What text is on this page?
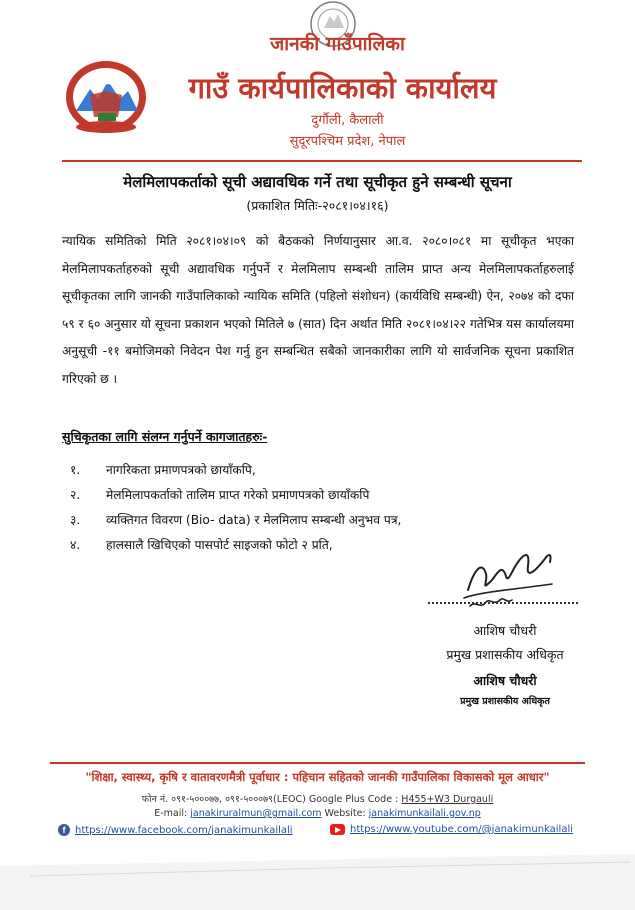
जानकी गाउँपालिका
गाउँ कार्यपालिकाको कार्यालय
दुर्गौली, कैलाली
सुदूरपश्चिम प्रदेश, नेपाल
मेलमिलापकर्ताको सूची अद्यावधिक गर्ने तथा सूचीकृत हुने सम्बन्धी सूचना
(प्रकाशित मितिः-२०८१।०४।१६)
न्यायिक समितिको मिति २०८१।०४।०९ को बैठकको निर्णयानुसार आ.व. २०८०।०८१ मा सूचीकृत भएका मेलमिलापकर्ताहरुको सूची अद्यावधिक गर्नुपर्ने र मेलमिलाप सम्बन्धी तालिम प्राप्त अन्य मेलमिलापकर्ताहरुलाई सूचीकृतका लागि जानकी गाउँपालिकाको न्यायिक समिति (पहिलो संशोधन) (कार्यविधि सम्बन्धी) ऐन, २०७४ को दफा ५९ र ६० अनुसार यो सूचना प्रकाशन भएको मितिले ७ (सात) दिन अर्थात मिति २०८१।०४।२२ गतेभित्र यस कार्यालयमा अनुसूची -११ बमोजिमको निवेदन पेश गर्नु हुन सम्बन्धित सबैको जानकारीका लागि यो सार्वजनिक सूचना प्रकाशित गरिएको छ ।
सुचिकृतका लागि संलग्न गर्नुपर्ने कागजातहरुः-
१. नागरिकता प्रमाणपत्रको छायाँकपि,
२. मेलमिलापकर्ताको तालिम प्राप्त गरेको प्रमाणपत्रको छायाँकपि
३. व्यक्तिगत विवरण (Bio- data) र मेलमिलाप सम्बन्धी अनुभव पत्र,
४. हालसालै खिचिएको पासपोर्ट साइजको फोटो २ प्रति,
आशिष चौधरी
प्रमुख प्रशासकीय अधिकृत
आशिष चौधरी
प्रमुख प्रशासकीय अधिकृत
"शिक्षा, स्वास्थ्य, कृषि र वातावरणमैत्री पूर्वाधार : पहिचान सहितको जानकी गाउँपालिका विकासको मूल आधार"
फोन नं. ०९१-५०००७७, ०९१-५०००७९(LEOC) Google Plus Code : H455+W3 Durgauli
E-mail: janakiruralmun@gmail.com Website: janakimunkailali.gov.np
f https://www.facebook.com/janakimunkailali	https://www.youtube.com/@janakimunkailali
